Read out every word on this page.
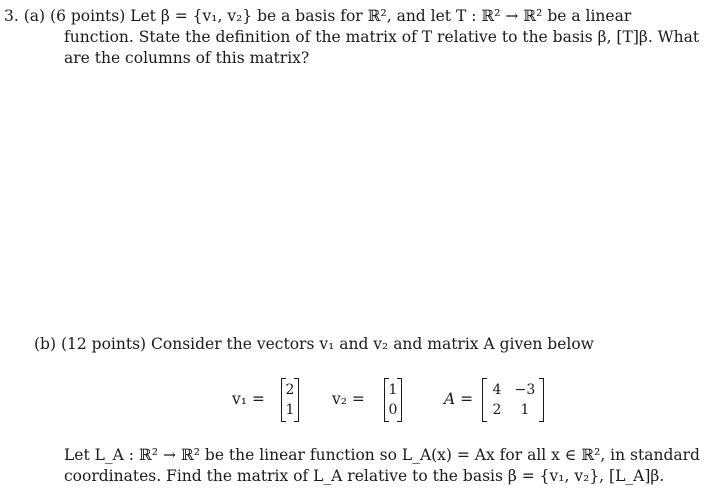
3. (a) (6 points) Let β = {v₁, v₂} be a basis for ℝ², and let T : ℝ² → ℝ² be a linear
function. State the definition of the matrix of T relative to the basis β, [T]β. What
are the columns of this matrix?
(b) (12 points) Consider the vectors v₁ and v₂ and matrix A given below
v₁ = 2
1
v₂ = 1
0
A =	4 −3
2	1
Let L_A : ℝ² → ℝ² be the linear function so L_A(x) = Ax for all x ∈ ℝ², in standard
coordinates. Find the matrix of L_A relative to the basis β = {v₁, v₂}, [L_A]β.
